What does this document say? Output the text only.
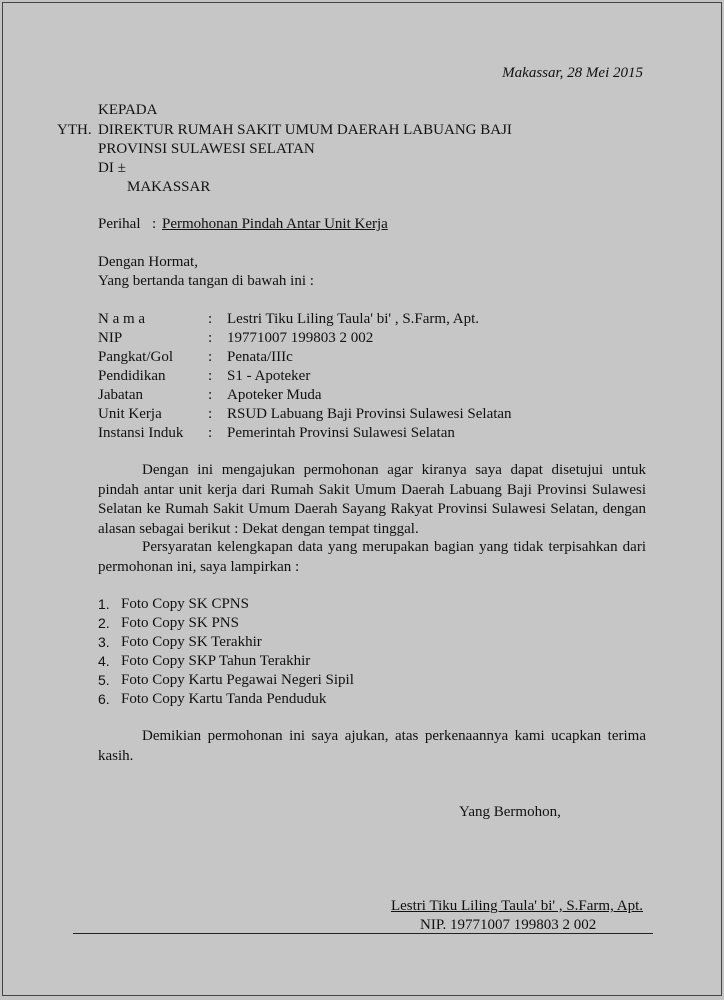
Makassar, 28 Mei 2015
KEPADA
YTH. DIREKTUR RUMAH SAKIT UMUM DAERAH LABUANG BAJI
PROVINSI SULAWESI SELATAN
DI ±
MAKASSAR
Perihal : Permohonan Pindah Antar Unit Kerja
Dengan Hormat,
Yang bertanda tangan di bawah ini :
N a m a	: Lestri Tiku Liling Taula' bi' , S.Farm, Apt.
NIP	: 19771007 199803 2 002
Pangkat/Gol : Penata/IIIc
Pendidikan	: S1 - Apoteker
Jabatan	: Apoteker Muda
Unit Kerja	: RSUD Labuang Baji Provinsi Sulawesi Selatan
Instansi Induk : Pemerintah Provinsi Sulawesi Selatan
Dengan ini mengajukan permohonan agar kiranya saya dapat disetujui untuk pindah antar unit kerja dari Rumah Sakit Umum Daerah Labuang Baji Provinsi Sulawesi Selatan ke Rumah Sakit Umum Daerah Sayang Rakyat Provinsi Sulawesi Selatan, dengan alasan sebagai berikut : Dekat dengan tempat tinggal.
Persyaratan kelengkapan data yang merupakan bagian yang tidak terpisahkan dari permohonan ini, saya lampirkan :
1. Foto Copy SK CPNS
2. Foto Copy SK PNS
3. Foto Copy SK Terakhir
4. Foto Copy SKP Tahun Terakhir
5. Foto Copy Kartu Pegawai Negeri Sipil
6. Foto Copy Kartu Tanda Penduduk
Demikian permohonan ini saya ajukan, atas perkenaannya kami ucapkan terima kasih.
Yang Bermohon,
Lestri Tiku Liling Taula' bi' , S.Farm, Apt.
NIP. 19771007 199803 2 002
